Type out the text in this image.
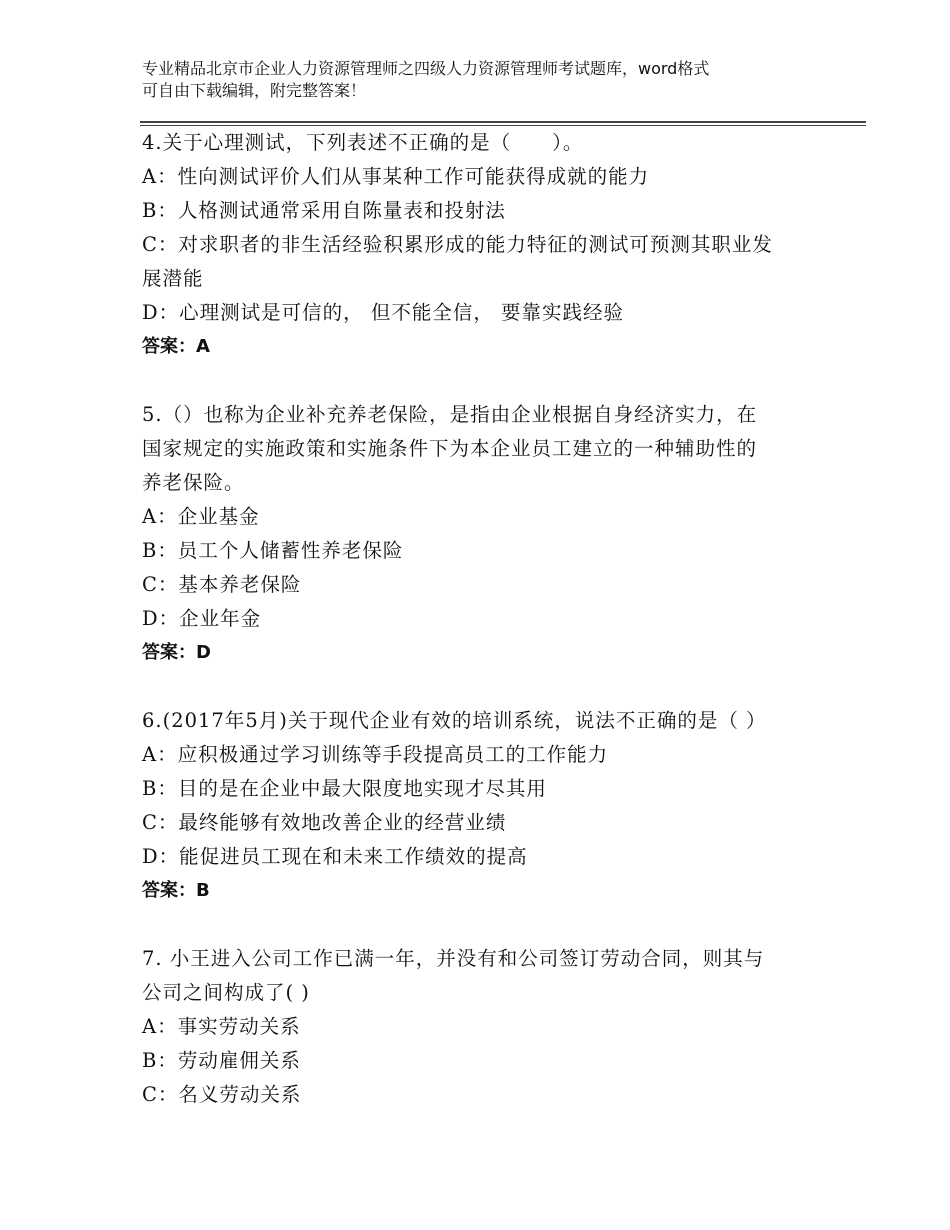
专业精品北京市企业人力资源管理师之四级人力资源管理师考试题库，word格式
可自由下载编辑，附完整答案！
4.关于心理测试，下列表述不正确的是（　　）。
A：性向测试评价人们从事某种工作可能获得成就的能力
B：人格测试通常采用自陈量表和投射法
C：对求职者的非生活经验积累形成的能力特征的测试可预测其职业发
展潜能
D：心理测试是可信的， 但不能全信， 要靠实践经验
答案：A
5.（）也称为企业补充养老保险，是指由企业根据自身经济实力，在
国家规定的实施政策和实施条件下为本企业员工建立的一种辅助性的
养老保险。
A：企业基金
B：员工个人储蓄性养老保险
C：基本养老保险
D：企业年金
答案：D
6.(2017年5月)关于现代企业有效的培训系统，说法不正确的是（ ）
A：应积极通过学习训练等手段提高员工的工作能力
B：目的是在企业中最大限度地实现才尽其用
C：最终能够有效地改善企业的经营业绩
D：能促进员工现在和未来工作绩效的提高
答案：B
7. 小王进入公司工作已满一年，并没有和公司签订劳动合同，则其与
公司之间构成了( )
A：事实劳动关系
B：劳动雇佣关系
C：名义劳动关系
